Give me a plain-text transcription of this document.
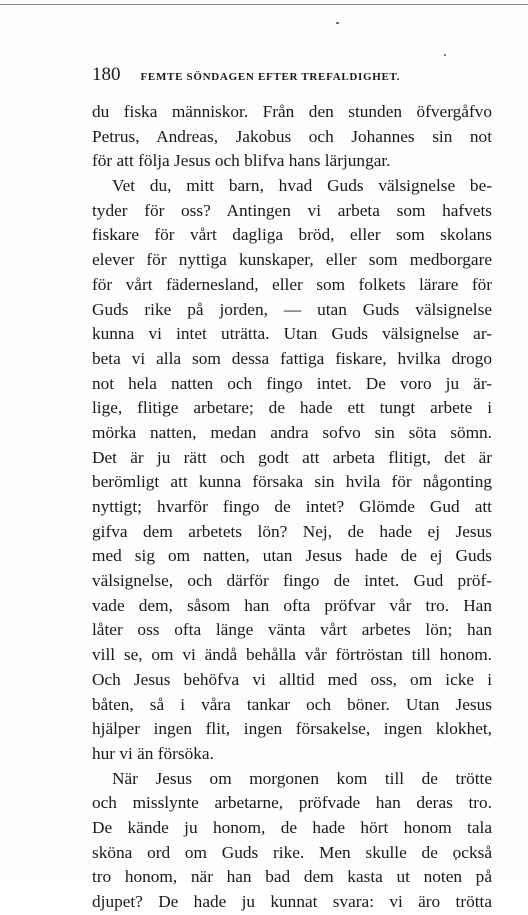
180 FEMTE SÖNDAGEN EFTER TREFALDIGHET.
du fiska människor. Från den stunden öfvergåfvo
Petrus, Andreas, Jakobus och Johannes sin not
för att följa Jesus och blifva hans lärjungar.
Vet du, mitt barn, hvad Guds välsignelse be-
tyder för oss? Antingen vi arbeta som hafvets
fiskare för vårt dagliga bröd, eller som skolans
elever för nyttiga kunskaper, eller som medborgare
för vårt fädernesland, eller som folkets lärare för
Guds rike på jorden, — utan Guds välsignelse
kunna vi intet uträtta. Utan Guds välsignelse ar-
beta vi alla som dessa fattiga fiskare, hvilka drogo
not hela natten och fingo intet. De voro ju är-
lige, flitige arbetare; de hade ett tungt arbete i
mörka natten, medan andra sofvo sin söta sömn.
Det är ju rätt och godt att arbeta flitigt, det är
berömligt att kunna försaka sin hvila för någonting
nyttigt; hvarför fingo de intet? Glömde Gud att
gifva dem arbetets lön? Nej, de hade ej Jesus
med sig om natten, utan Jesus hade de ej Guds
välsignelse, och därför fingo de intet. Gud pröf-
vade dem, såsom han ofta pröfvar vår tro. Han
låter oss ofta länge vänta vårt arbetes lön; han
vill se, om vi ändå behålla vår förtröstan till honom.
Och Jesus behöfva vi alltid med oss, om icke i
båten, så i våra tankar och böner. Utan Jesus
hjälper ingen flit, ingen försakelse, ingen klokhet,
hur vi än försöka.
När Jesus om morgonen kom till de trötte
och misslynte arbetarne, pröfvade han deras tro.
De kände ju honom, de hade hört honom tala
sköna ord om Guds rike. Men skulle de också
tro honom, när han bad dem kasta ut noten på
djupet? De hade ju kunnat svara: vi äro trötta
